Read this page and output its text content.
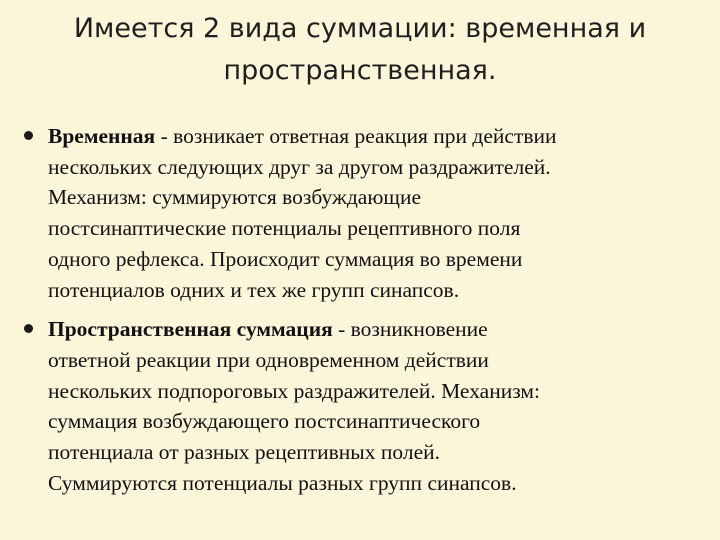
Имеется 2 вида суммации: временная и
пространственная.
Временная - возникает ответная реакция при действии
нескольких следующих друг за другом раздражителей.
Механизм: суммируются возбуждающие
постсинаптические потенциалы рецептивного поля
одного рефлекса. Происходит суммация во времени
потенциалов одних и тех же групп синапсов.
Пространственная суммация - возникновение
ответной реакции при одновременном действии
нескольких подпороговых раздражителей. Механизм:
суммация возбуждающего постсинаптического
потенциала от разных рецептивных полей.
Суммируются потенциалы разных групп синапсов.
